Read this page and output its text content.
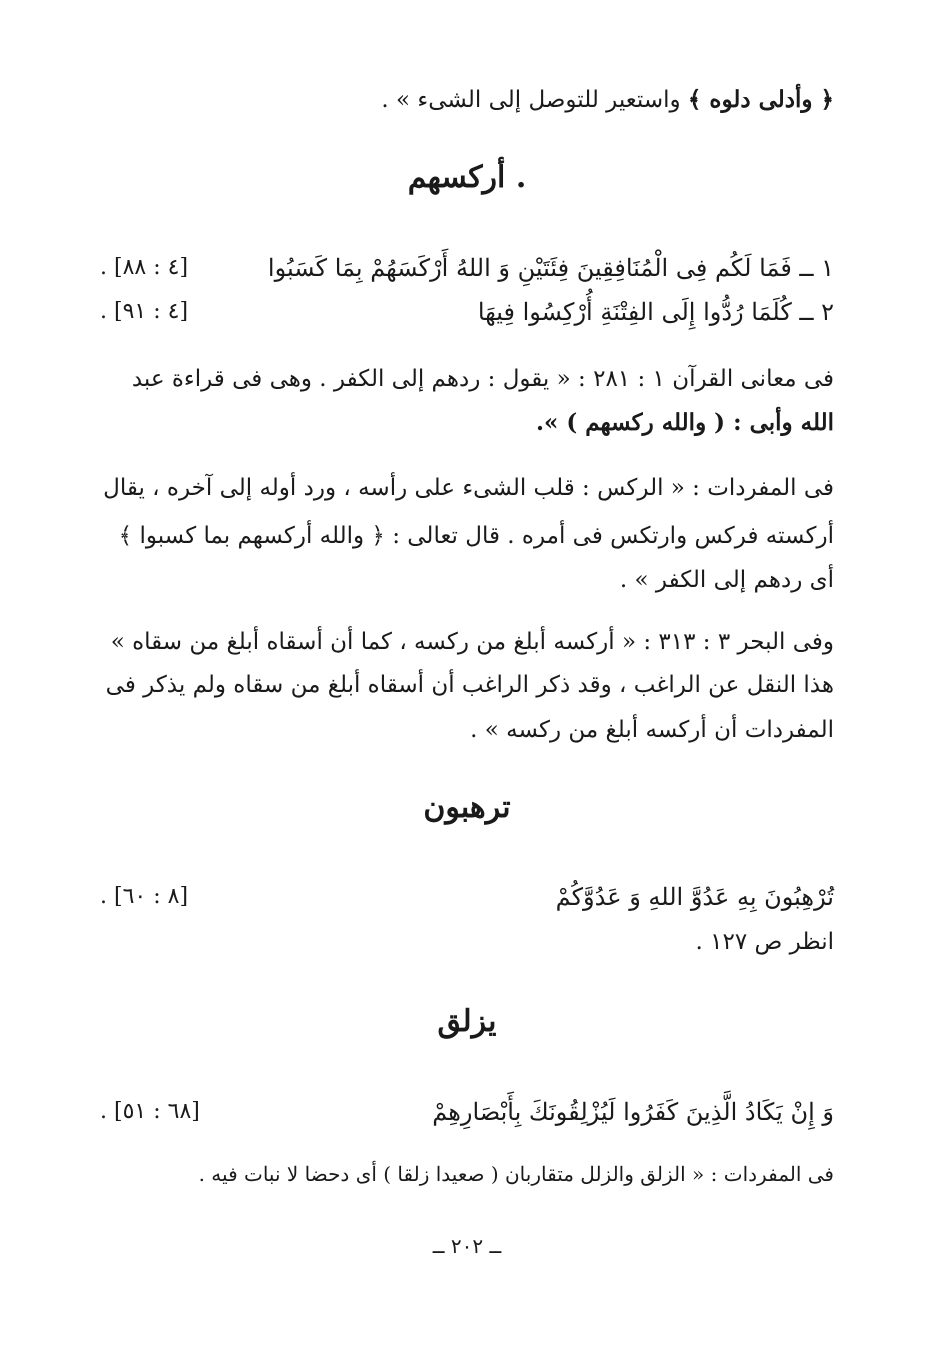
﴿ وأدلى دلوه ﴾ واستعير للتوصل إلى الشىء » .
أركسهم .
١ ــ فَمَا لَكُم فِى الْمُنَافِقِينَ فِئَتَيْنِ وَ اللهُ أَرْكَسَهُمْ بِمَا كَسَبُوا
[٤ : ٨٨] .
٢ ــ كُلَمَا رُدُّوا إِلَى الفِتْنَةِ أُرْكِسُوا فِيهَا
[٤ : ٩١] .
فى معانى القرآن ١ : ٢٨١ : « يقول : ردهم إلى الكفر . وهى فى قراءة عبد
الله وأبى : ( والله ركسهم ) ».
فى المفردات : « الركس : قلب الشىء على رأسه ، ورد أوله إلى آخره ، يقال
أركسته فركس وارتكس فى أمره . قال تعالى : ﴿ والله أركسهم بما كسبوا ﴾
أى ردهم إلى الكفر » .
وفى البحر ٣ : ٣١٣ : « أركسه أبلغ من ركسه ، كما أن أسقاه أبلغ من سقاه »
هذا النقل عن الراغب ، وقد ذكر الراغب أن أسقاه أبلغ من سقاه ولم يذكر فى
المفردات أن أركسه أبلغ من ركسه » .
ترهبون
تُرْهِبُونَ بِهِ عَدُوَّ اللهِ وَ عَدُوَّكُمْ
[٨ : ٦٠] .
انظر ص ١٢٧ .
يزلق
وَ إِنْ يَكَادُ الَّذِينَ كَفَرُوا لَيُزْلِقُونَكَ بِأَبْصَارِهِمْ
[٦٨ : ٥١] .
فى المفردات : « الزلق والزلل متقاربان ( صعيدا زلقا ) أى دحضا لا نبات فيه .
ــ ٢٠٢ ــ
